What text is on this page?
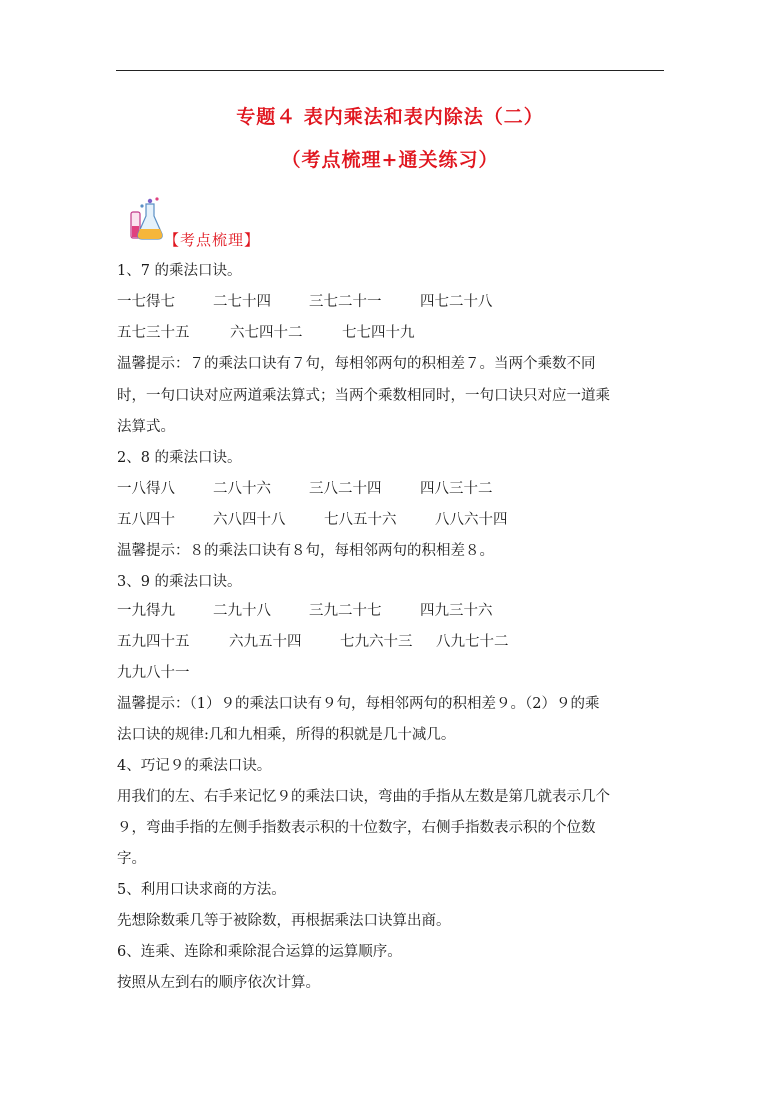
专题４ 表内乘法和表内除法（二）
（考点梳理+通关练习）
【考点梳理】
1、7 的乘法口诀。
一七得七	二七十四	三七二十一	四七二十八
五七三十五	六七四十二	七七四十九
温馨提示：７的乘法口诀有７句，每相邻两句的积相差７。当两个乘数不同
时，一句口诀对应两道乘法算式；当两个乘数相同时，一句口诀只对应一道乘
法算式。
2、8 的乘法口诀。
一八得八	二八十六	三八二十四	四八三十二
五八四十	六八四十八	七八五十六	八八六十四
温馨提示：８的乘法口诀有８句，每相邻两句的积相差８。
3、9 的乘法口诀。
一九得九	二九十八	三九二十七	四九三十六
五九四十五	六九五十四	七九六十三	八九七十二
九九八十一
温馨提示：（1）９的乘法口诀有９句，每相邻两句的积相差９。（2）９的乘
法口诀的规律:几和九相乘，所得的积就是几十减几。
4、巧记９的乘法口诀。
用我们的左、右手来记忆９的乘法口诀，弯曲的手指从左数是第几就表示几个
９，弯曲手指的左侧手指数表示积的十位数字，右侧手指数表示积的个位数
字。
5、利用口诀求商的方法。
先想除数乘几等于被除数，再根据乘法口诀算出商。
6、连乘、连除和乘除混合运算的运算顺序。
按照从左到右的顺序依次计算。
